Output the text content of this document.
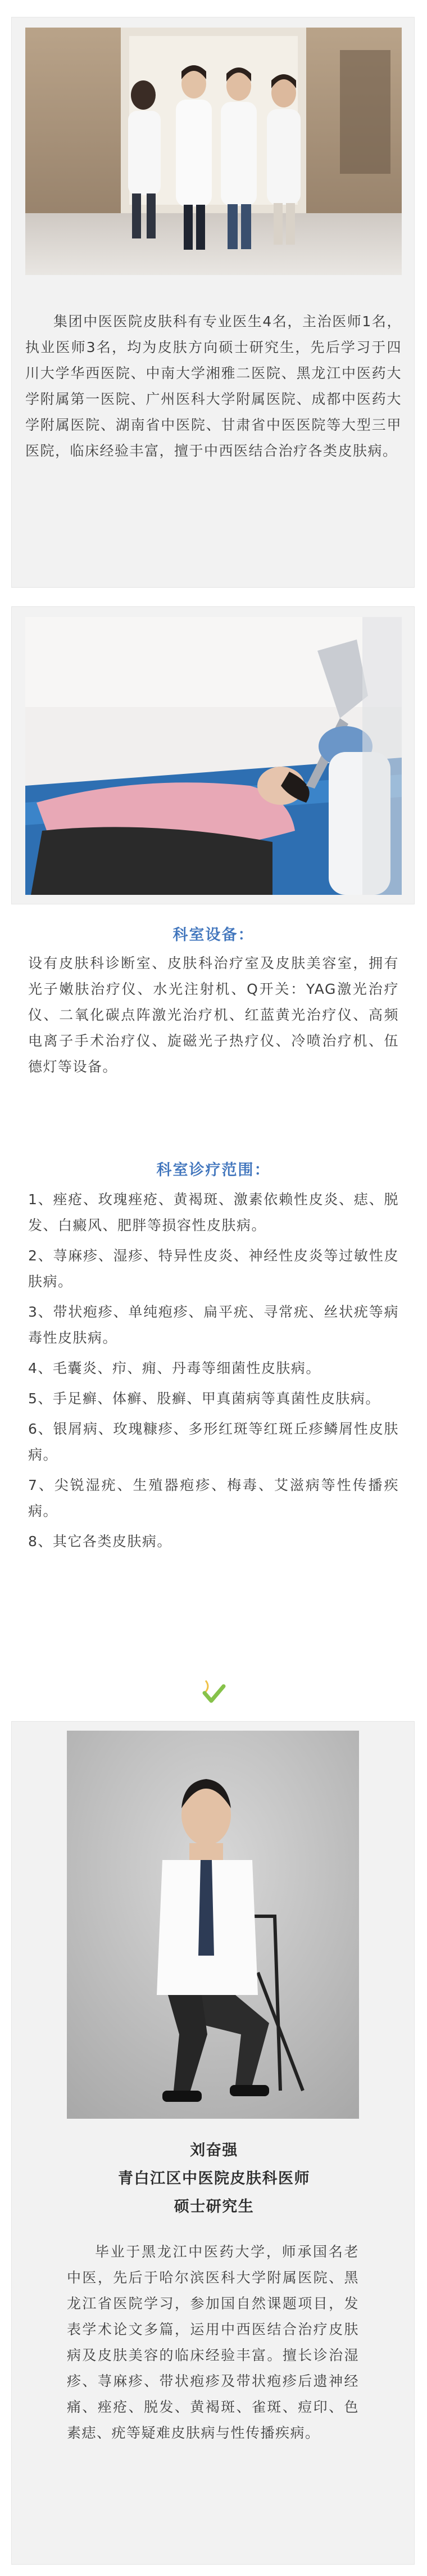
集团中医医院皮肤科有专业医生4名，主治医师1名，执业医师3名，均为皮肤方向硕士研究生，先后学习于四川大学华西医院、中南大学湘雅二医院、黑龙江中医药大学附属第一医院、广州医科大学附属医院、成都中医药大学附属医院、湖南省中医院、甘肃省中医医院等大型三甲医院，临床经验丰富，擅于中西医结合治疗各类皮肤病。

科室设备：

设有皮肤科诊断室、皮肤科治疗室及皮肤美容室，拥有光子嫩肤治疗仪、水光注射机、Q开关：YAG激光治疗仪、二氧化碳点阵激光治疗机、红蓝黄光治疗仪、高频电离子手术治疗仪、旋磁光子热疗仪、冷喷治疗机、伍德灯等设备。

科室诊疗范围：

1、痤疮、玫瑰痤疮、黄褐斑、激素依赖性皮炎、痣、脱发、白癜风、肥胖等损容性皮肤病。

2、荨麻疹、湿疹、特异性皮炎、神经性皮炎等过敏性皮肤病。

3、带状疱疹、单纯疱疹、扁平疣、寻常疣、丝状疣等病毒性皮肤病。

4、毛囊炎、疖、痈、丹毒等细菌性皮肤病。

5、手足癣、体癣、股癣、甲真菌病等真菌性皮肤病。

6、银屑病、玫瑰糠疹、多形红斑等红斑丘疹鳞屑性皮肤病。

7、尖锐湿疣、生殖器疱疹、梅毒、艾滋病等性传播疾病。

8、其它各类皮肤病。

刘奋强
青白江区中医院皮肤科医师
硕士研究生

毕业于黑龙江中医药大学，师承国名老中医，先后于哈尔滨医科大学附属医院、黑龙江省医院学习，参加国自然课题项目，发表学术论文多篇，运用中西医结合治疗皮肤病及皮肤美容的临床经验丰富。擅长诊治湿疹、荨麻疹、带状疱疹及带状疱疹后遗神经痛、痤疮、脱发、黄褐斑、雀斑、痘印、色素痣、疣等疑难皮肤病与性传播疾病。
